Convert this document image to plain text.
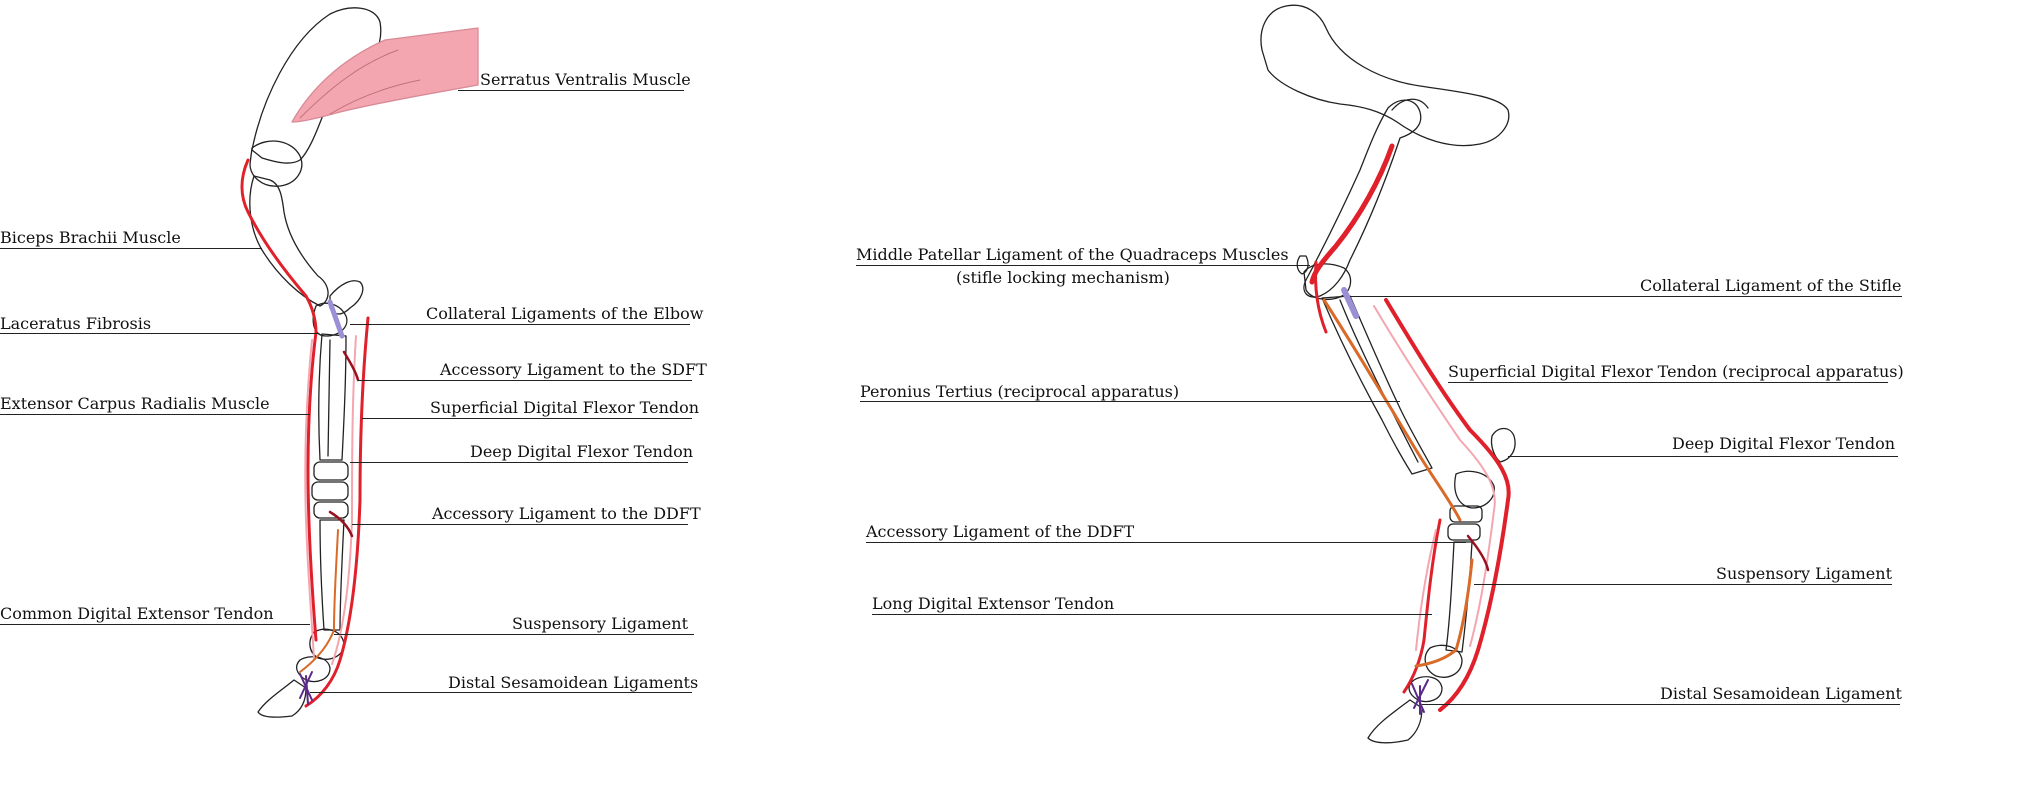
Serratus Ventralis Muscle
Biceps Brachii Muscle
Laceratus Fibrosis
Extensor Carpus Radialis Muscle
Common Digital Extensor Tendon
Collateral Ligaments of the Elbow
Accessory Ligament to the SDFT
Superficial Digital Flexor Tendon
Deep Digital Flexor Tendon
Accessory Ligament to the DDFT
Suspensory Ligament
Distal Sesamoidean Ligaments
Middle Patellar Ligament of the Quadraceps Muscles
(stifle locking mechanism)	Collateral Ligament of the Stifle
Superficial Digital Flexor Tendon (reciprocal apparatus)
Peronius Tertius (reciprocal apparatus)
Deep Digital Flexor Tendon
Accessory Ligament of the DDFT
Suspensory Ligament
Long Digital Extensor Tendon
Distal Sesamoidean Ligament
